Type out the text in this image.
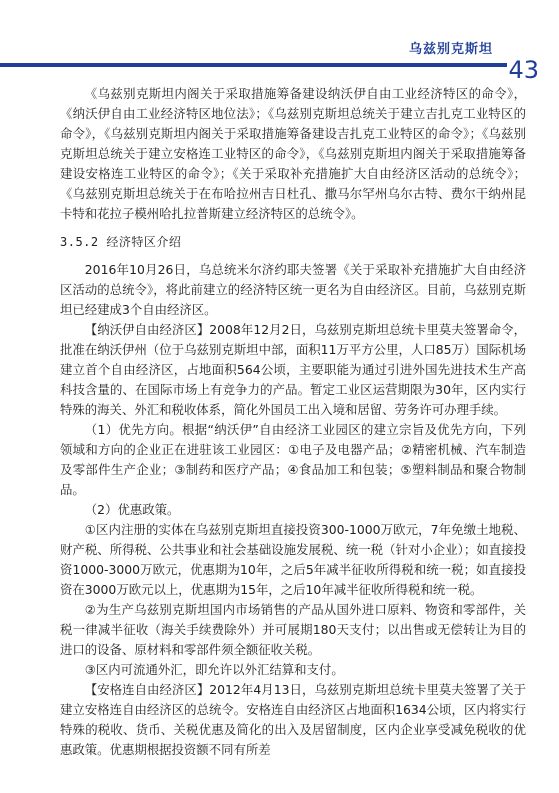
乌兹别克斯坦
43

《乌兹别克斯坦内阁关于采取措施筹备建设纳沃伊自由工业经济特区的命令》，《纳沃伊自由工业经济特区地位法》；《乌兹别克斯坦总统关于建立吉扎克工业特区的命令》，《乌兹别克斯坦内阁关于采取措施筹备建设吉扎克工业特区的命令》；《乌兹别克斯坦总统关于建立安格连工业特区的命令》，《乌兹别克斯坦内阁关于采取措施筹备建设安格连工业特区的命令》；《关于采取补充措施扩大自由经济区活动的总统令》；《乌兹别克斯坦总统关于在布哈拉州吉日杜孔、撒马尔罕州乌尔古特、费尔干纳州昆卡特和花拉子模州哈扎拉普斯建立经济特区的总统令》。

3.5.2 经济特区介绍

2016年10月26日，乌总统米尔济约耶夫签署《关于采取补充措施扩大自由经济区活动的总统令》，将此前建立的经济特区统一更名为自由经济区。目前，乌兹别克斯坦已经建成3个自由经济区。

【纳沃伊自由经济区】2008年12月2日，乌兹别克斯坦总统卡里莫夫签署命令，批准在纳沃伊州（位于乌兹别克斯坦中部，面积11万平方公里，人口85万）国际机场建立首个自由经济区，占地面积564公顷，主要职能为通过引进外国先进技术生产高科技含量的、在国际市场上有竞争力的产品。暂定工业区运营期限为30年，区内实行特殊的海关、外汇和税收体系，简化外国员工出入境和居留、劳务许可办理手续。

（1）优先方向。根据“纳沃伊”自由经济工业园区的建立宗旨及优先方向，下列领域和方向的企业正在进驻该工业园区：①电子及电器产品；②精密机械、汽车制造及零部件生产企业；③制药和医疗产品；④食品加工和包装；⑤塑料制品和聚合物制品。

（2）优惠政策。

①区内注册的实体在乌兹别克斯坦直接投资300-1000万欧元，7年免缴土地税、财产税、所得税、公共事业和社会基础设施发展税、统一税（针对小企业）；如直接投资1000-3000万欧元，优惠期为10年，之后5年减半征收所得税和统一税；如直接投资在3000万欧元以上，优惠期为15年，之后10年减半征收所得税和统一税。

②为生产乌兹别克斯坦国内市场销售的产品从国外进口原料、物资和零部件，关税一律减半征收（海关手续费除外）并可展期180天支付；以出售或无偿转让为目的进口的设备、原材料和零部件须全额征收关税。

③区内可流通外汇，即允许以外汇结算和支付。

【安格连自由经济区】2012年4月13日，乌兹别克斯坦总统卡里莫夫签署了关于建立安格连自由经济区的总统令。安格连自由经济区占地面积1634公顷，区内将实行特殊的税收、货币、关税优惠及简化的出入及居留制度，区内企业享受减免税收的优惠政策。优惠期根据投资额不同有所差
